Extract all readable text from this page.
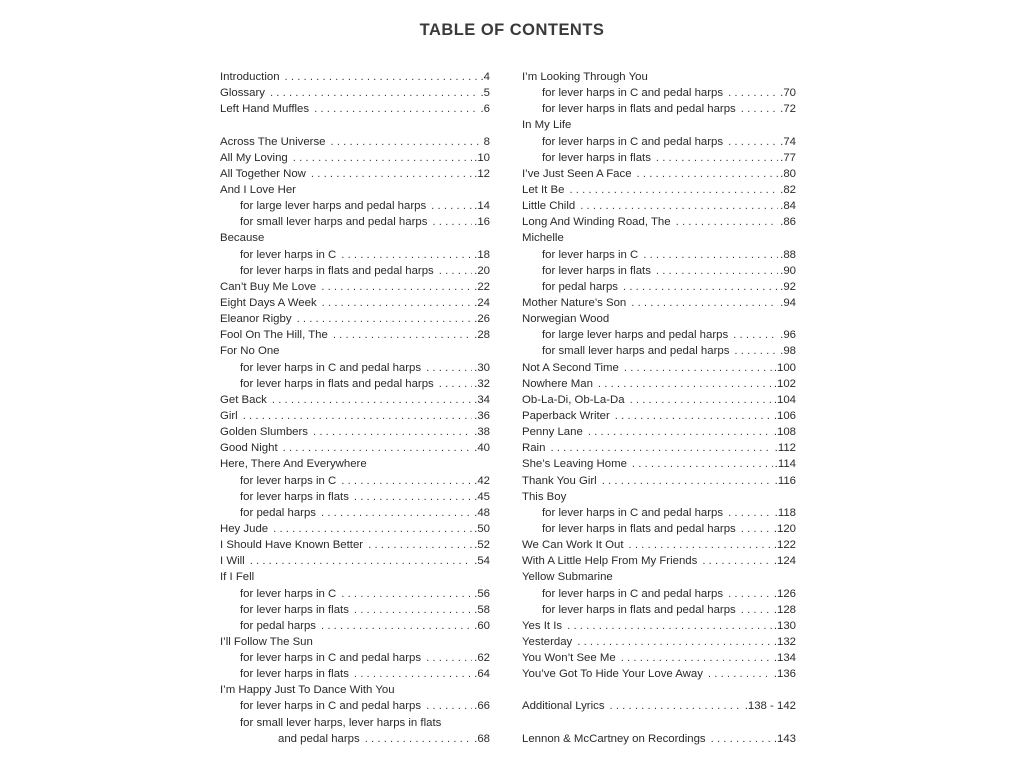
TABLE OF CONTENTS
Introduction . . .	.4
Glossary . . .	.5
Left Hand Muffles . . .	.6
Across The Universe . . .	8
All My Loving . . .	.10
All Together Now . . .	.12
And I Love Her
for large lever harps and pedal harps . . .	.14
for small lever harps and pedal harps . . .	.16
Because
for lever harps in C . . .	.18
for lever harps in flats and pedal harps . . .	.20
Can’t Buy Me Love . . .	.22
Eight Days A Week . . .	.24
Eleanor Rigby . . .	.26
Fool On The Hill, The . . .	.28
For No One
for lever harps in C and pedal harps . . .	.30
for lever harps in flats and pedal harps . . .	.32
Get Back . . .	.34
Girl . . .	.36
Golden Slumbers . . .	.38
Good Night . . .	.40
Here, There And Everywhere
for lever harps in C . . .	.42
for lever harps in flats . . .	.45
for pedal harps . . .	.48
Hey Jude . . .	.50
I Should Have Known Better . . .	.52
I Will . . .	.54
If I Fell
for lever harps in C . . .	.56
for lever harps in flats . . .	.58
for pedal harps . . .	.60
I’ll Follow The Sun
for lever harps in C and pedal harps . . .	.62
for lever harps in flats . . .	.64
I’m Happy Just To Dance With You
for lever harps in C and pedal harps . . .	.66
for small lever harps, lever harps in flats
and pedal harps . . .	.68
I’m Looking Through You
for lever harps in C and pedal harps . . .	.70
for lever harps in flats and pedal harps . . .	.72
In My Life
for lever harps in C and pedal harps . . .	.74
for lever harps in flats . . .	.77
I’ve Just Seen A Face . . .	.80
Let It Be . . .	.82
Little Child . . .	.84
Long And Winding Road, The . . .	.86
Michelle
for lever harps in C . . .	.88
for lever harps in flats . . .	.90
for pedal harps . . .	.92
Mother Nature’s Son . . .	.94
Norwegian Wood
for large lever harps and pedal harps . . .	.96
for small lever harps and pedal harps . . .	.98
Not A Second Time . . .	.100
Nowhere Man . . .	.102
Ob-La-Di, Ob-La-Da . . .	.104
Paperback Writer . . .	.106
Penny Lane . . .	.108
Rain . . .	.112
She’s Leaving Home . . .	.114
Thank You Girl . . .	.116
This Boy
for lever harps in C and pedal harps . . .	.118
for lever harps in flats and pedal harps . . .	.120
We Can Work It Out . . .	.122
With A Little Help From My Friends . . .	.124
Yellow Submarine
for lever harps in C and pedal harps . . .	.126
for lever harps in flats and pedal harps . . .	.128
Yes It Is . . .	.130
Yesterday . . .	.132
You Won’t See Me . . .	.134
You’ve Got To Hide Your Love Away . . .	.136
Additional Lyrics . . .	.138 - 142
Lennon & McCartney on Recordings . . .	.143
